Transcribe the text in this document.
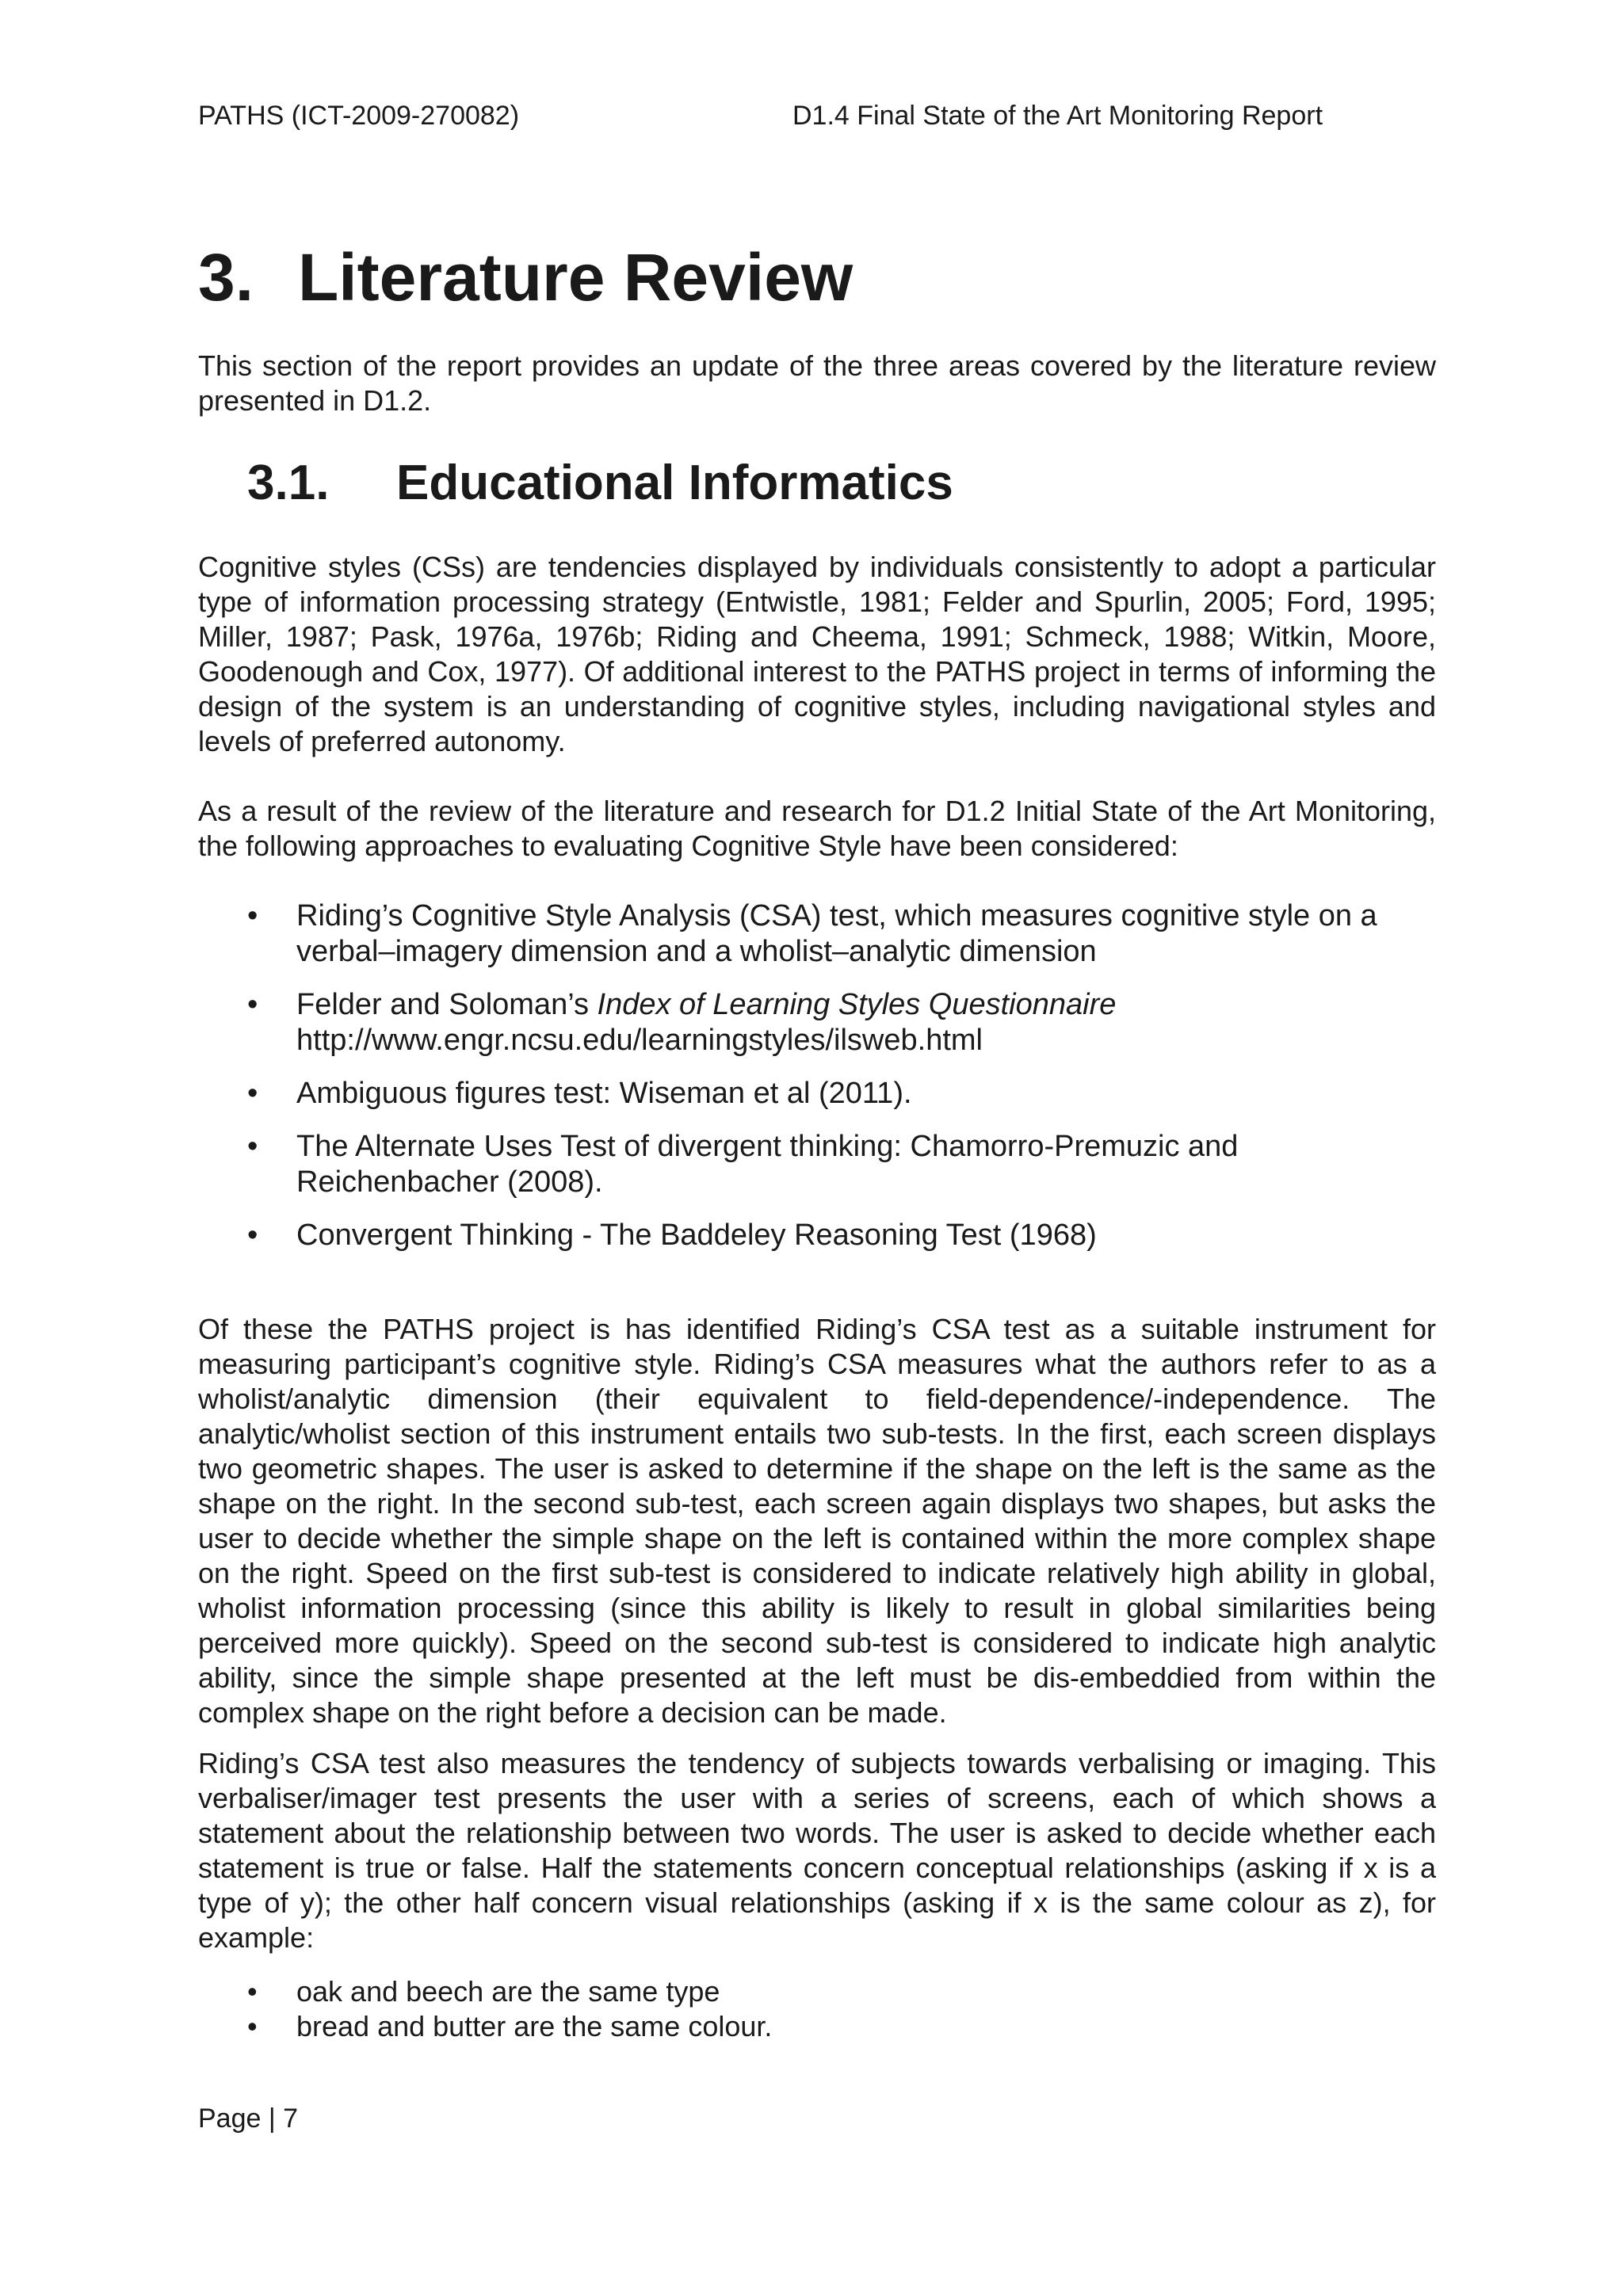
PATHS (ICT-2009-270082)	D1.4 Final State of the Art Monitoring Report
3. Literature Review

This section of the report provides an update of the three areas covered by the literature review presented in D1.2.

3.1. Educational Informatics

Cognitive styles (CSs) are tendencies displayed by individuals consistently to adopt a particular type of information processing strategy (Entwistle, 1981; Felder and Spurlin, 2005; Ford, 1995; Miller, 1987; Pask, 1976a, 1976b; Riding and Cheema, 1991; Schmeck, 1988; Witkin, Moore, Goodenough and Cox, 1977). Of additional interest to the PATHS project in terms of informing the design of the system is an understanding of cognitive styles, including navigational styles and levels of preferred autonomy.

As a result of the review of the literature and research for D1.2 Initial State of the Art Monitoring, the following approaches to evaluating Cognitive Style have been considered:

• Riding’s Cognitive Style Analysis (CSA) test, which measures cognitive style on a verbal–imagery dimension and a wholist–analytic dimension
• Felder and Soloman’s Index of Learning Styles Questionnaire
http://www.engr.ncsu.edu/learningstyles/ilsweb.html
• Ambiguous figures test: Wiseman et al (2011).
• The Alternate Uses Test of divergent thinking: Chamorro-Premuzic and Reichenbacher (2008).
• Convergent Thinking - The Baddeley Reasoning Test (1968)

Of these the PATHS project is has identified Riding’s CSA test as a suitable instrument for measuring participant’s cognitive style. Riding’s CSA measures what the authors refer to as a wholist/analytic dimension (their equivalent to field-dependence/-independence. The analytic/wholist section of this instrument entails two sub-tests. In the first, each screen displays two geometric shapes. The user is asked to determine if the shape on the left is the same as the shape on the right. In the second sub-test, each screen again displays two shapes, but asks the user to decide whether the simple shape on the left is contained within the more complex shape on the right. Speed on the first sub-test is considered to indicate relatively high ability in global, wholist information processing (since this ability is likely to result in global similarities being perceived more quickly). Speed on the second sub-test is considered to indicate high analytic ability, since the simple shape presented at the left must be dis-embeddied from within the complex shape on the right before a decision can be made.

Riding’s CSA test also measures the tendency of subjects towards verbalising or imaging. This verbaliser/imager test presents the user with a series of screens, each of which shows a statement about the relationship between two words. The user is asked to decide whether each statement is true or false. Half the statements concern conceptual relationships (asking if x is a type of y); the other half concern visual relationships (asking if x is the same colour as z), for example:

• oak and beech are the same type
• bread and butter are the same colour.
Page | 7
